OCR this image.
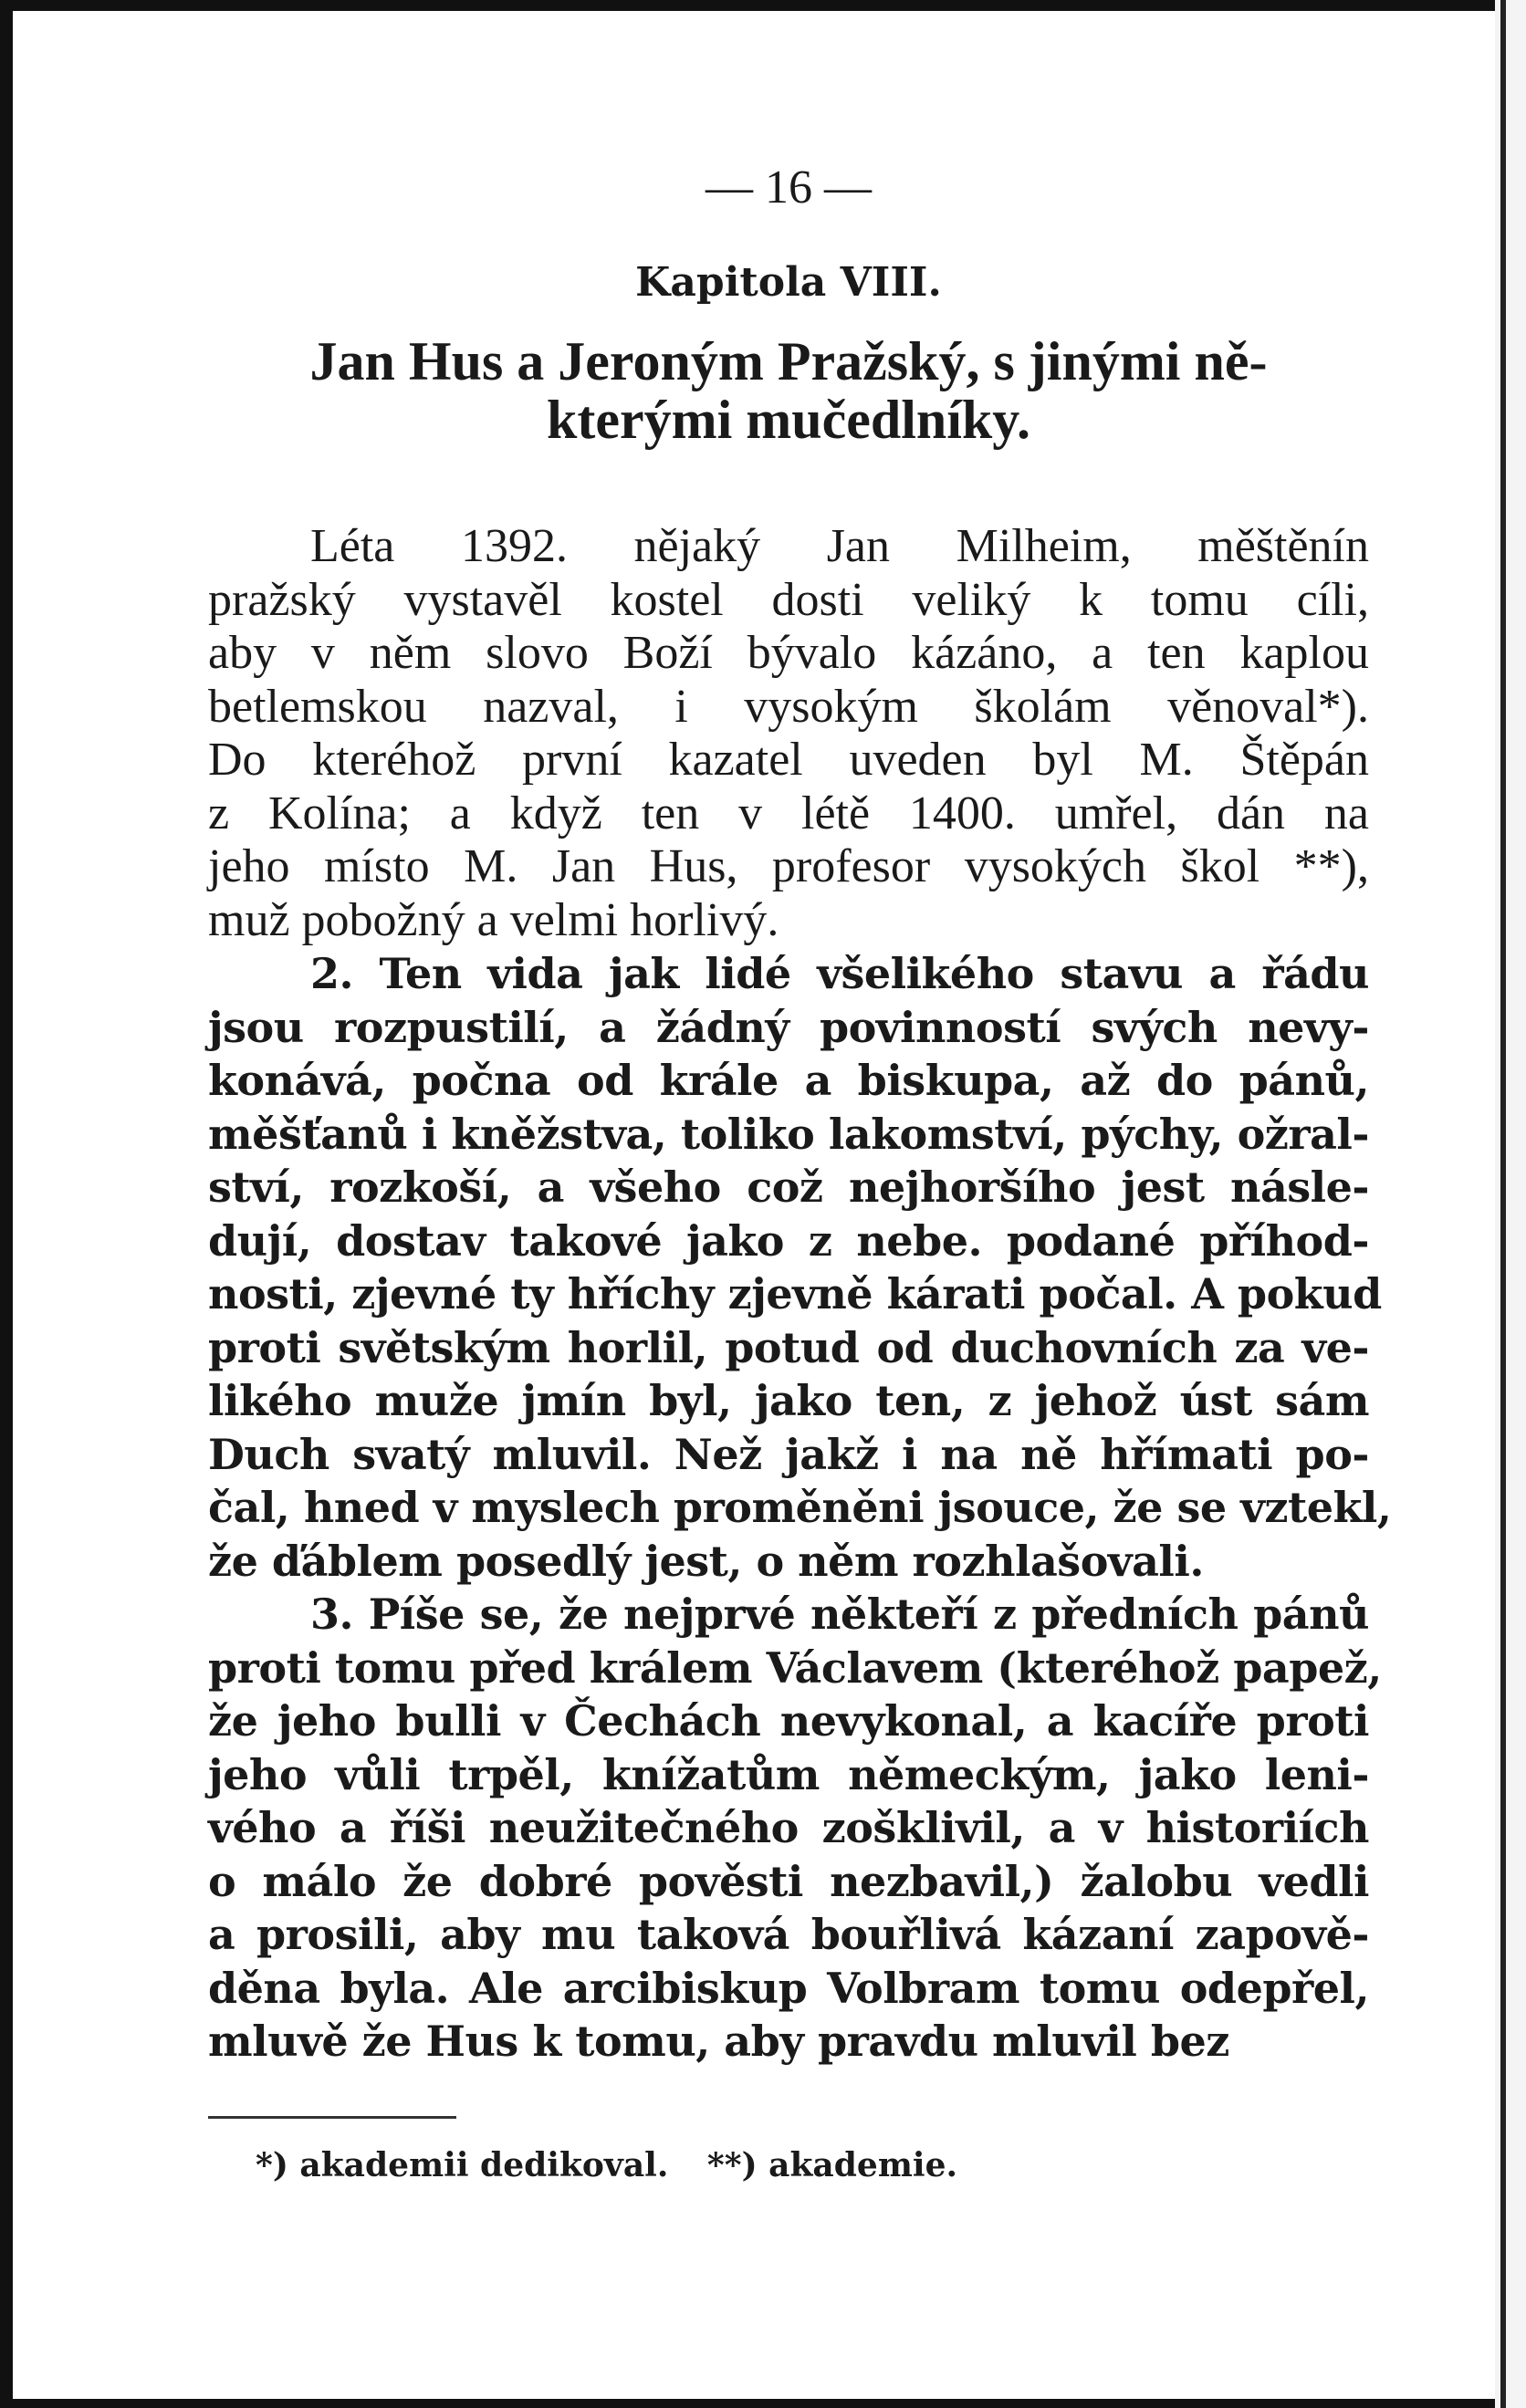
— 16 —
Kapitola VIII.
Jan Hus a Jeroným Pražský, s jinými ně-
kterými mučedlníky.

Léta 1392. nějaký Jan Milheim, měštěnín
pražský vystavěl kostel dosti veliký k tomu cíli,
aby v něm slovo Boží bývalo kázáno, a ten kaplou
betlemskou nazval, i vysokým školám věnoval*).
Do kteréhož první kazatel uveden byl M. Štěpán
z Kolína; a když ten v létě 1400. umřel, dán na
jeho místo M. Jan Hus, profesor vysokých škol **),
muž pobožný a velmi horlivý.

2. Ten vida jak lidé všelikého stavu a řádu
jsou rozpustilí, a žádný povinností svých nevy-
konává, počna od krále a biskupa, až do pánů,
měšťanů i kněžstva, toliko lakomství, pýchy, ožral-
ství, rozkoší, a všeho což nejhoršího jest násle-
dují, dostav takové jako z nebe. podané příhod-
nosti, zjevné ty hříchy zjevně kárati počal. A pokud
proti světským horlil, potud od duchovních za ve-
likého muže jmín byl, jako ten, z jehož úst sám
Duch svatý mluvil. Než jakž i na ně hřímati po-
čal, hned v myslech proměněni jsouce, že se vztekl,
že ďáblem posedlý jest, o něm rozhlašovali.

3. Píše se, že nejprvé někteří z předních pánů
proti tomu před králem Václavem (kteréhož papež,
že jeho bulli v Čechách nevykonal, a kacíře proti
jeho vůli trpěl, knížatům německým, jako leni-
vého a říši neužitečného zošklivil, a v historiích
o málo že dobré pověsti nezbavil,) žalobu vedli
a prosili, aby mu taková bouřlivá kázaní zapově-
děna byla. Ale arcibiskup Volbram tomu odepřel,
mluvě že Hus k tomu, aby pravdu mluvil bez

*) akademii dedikoval. **) akademie.
